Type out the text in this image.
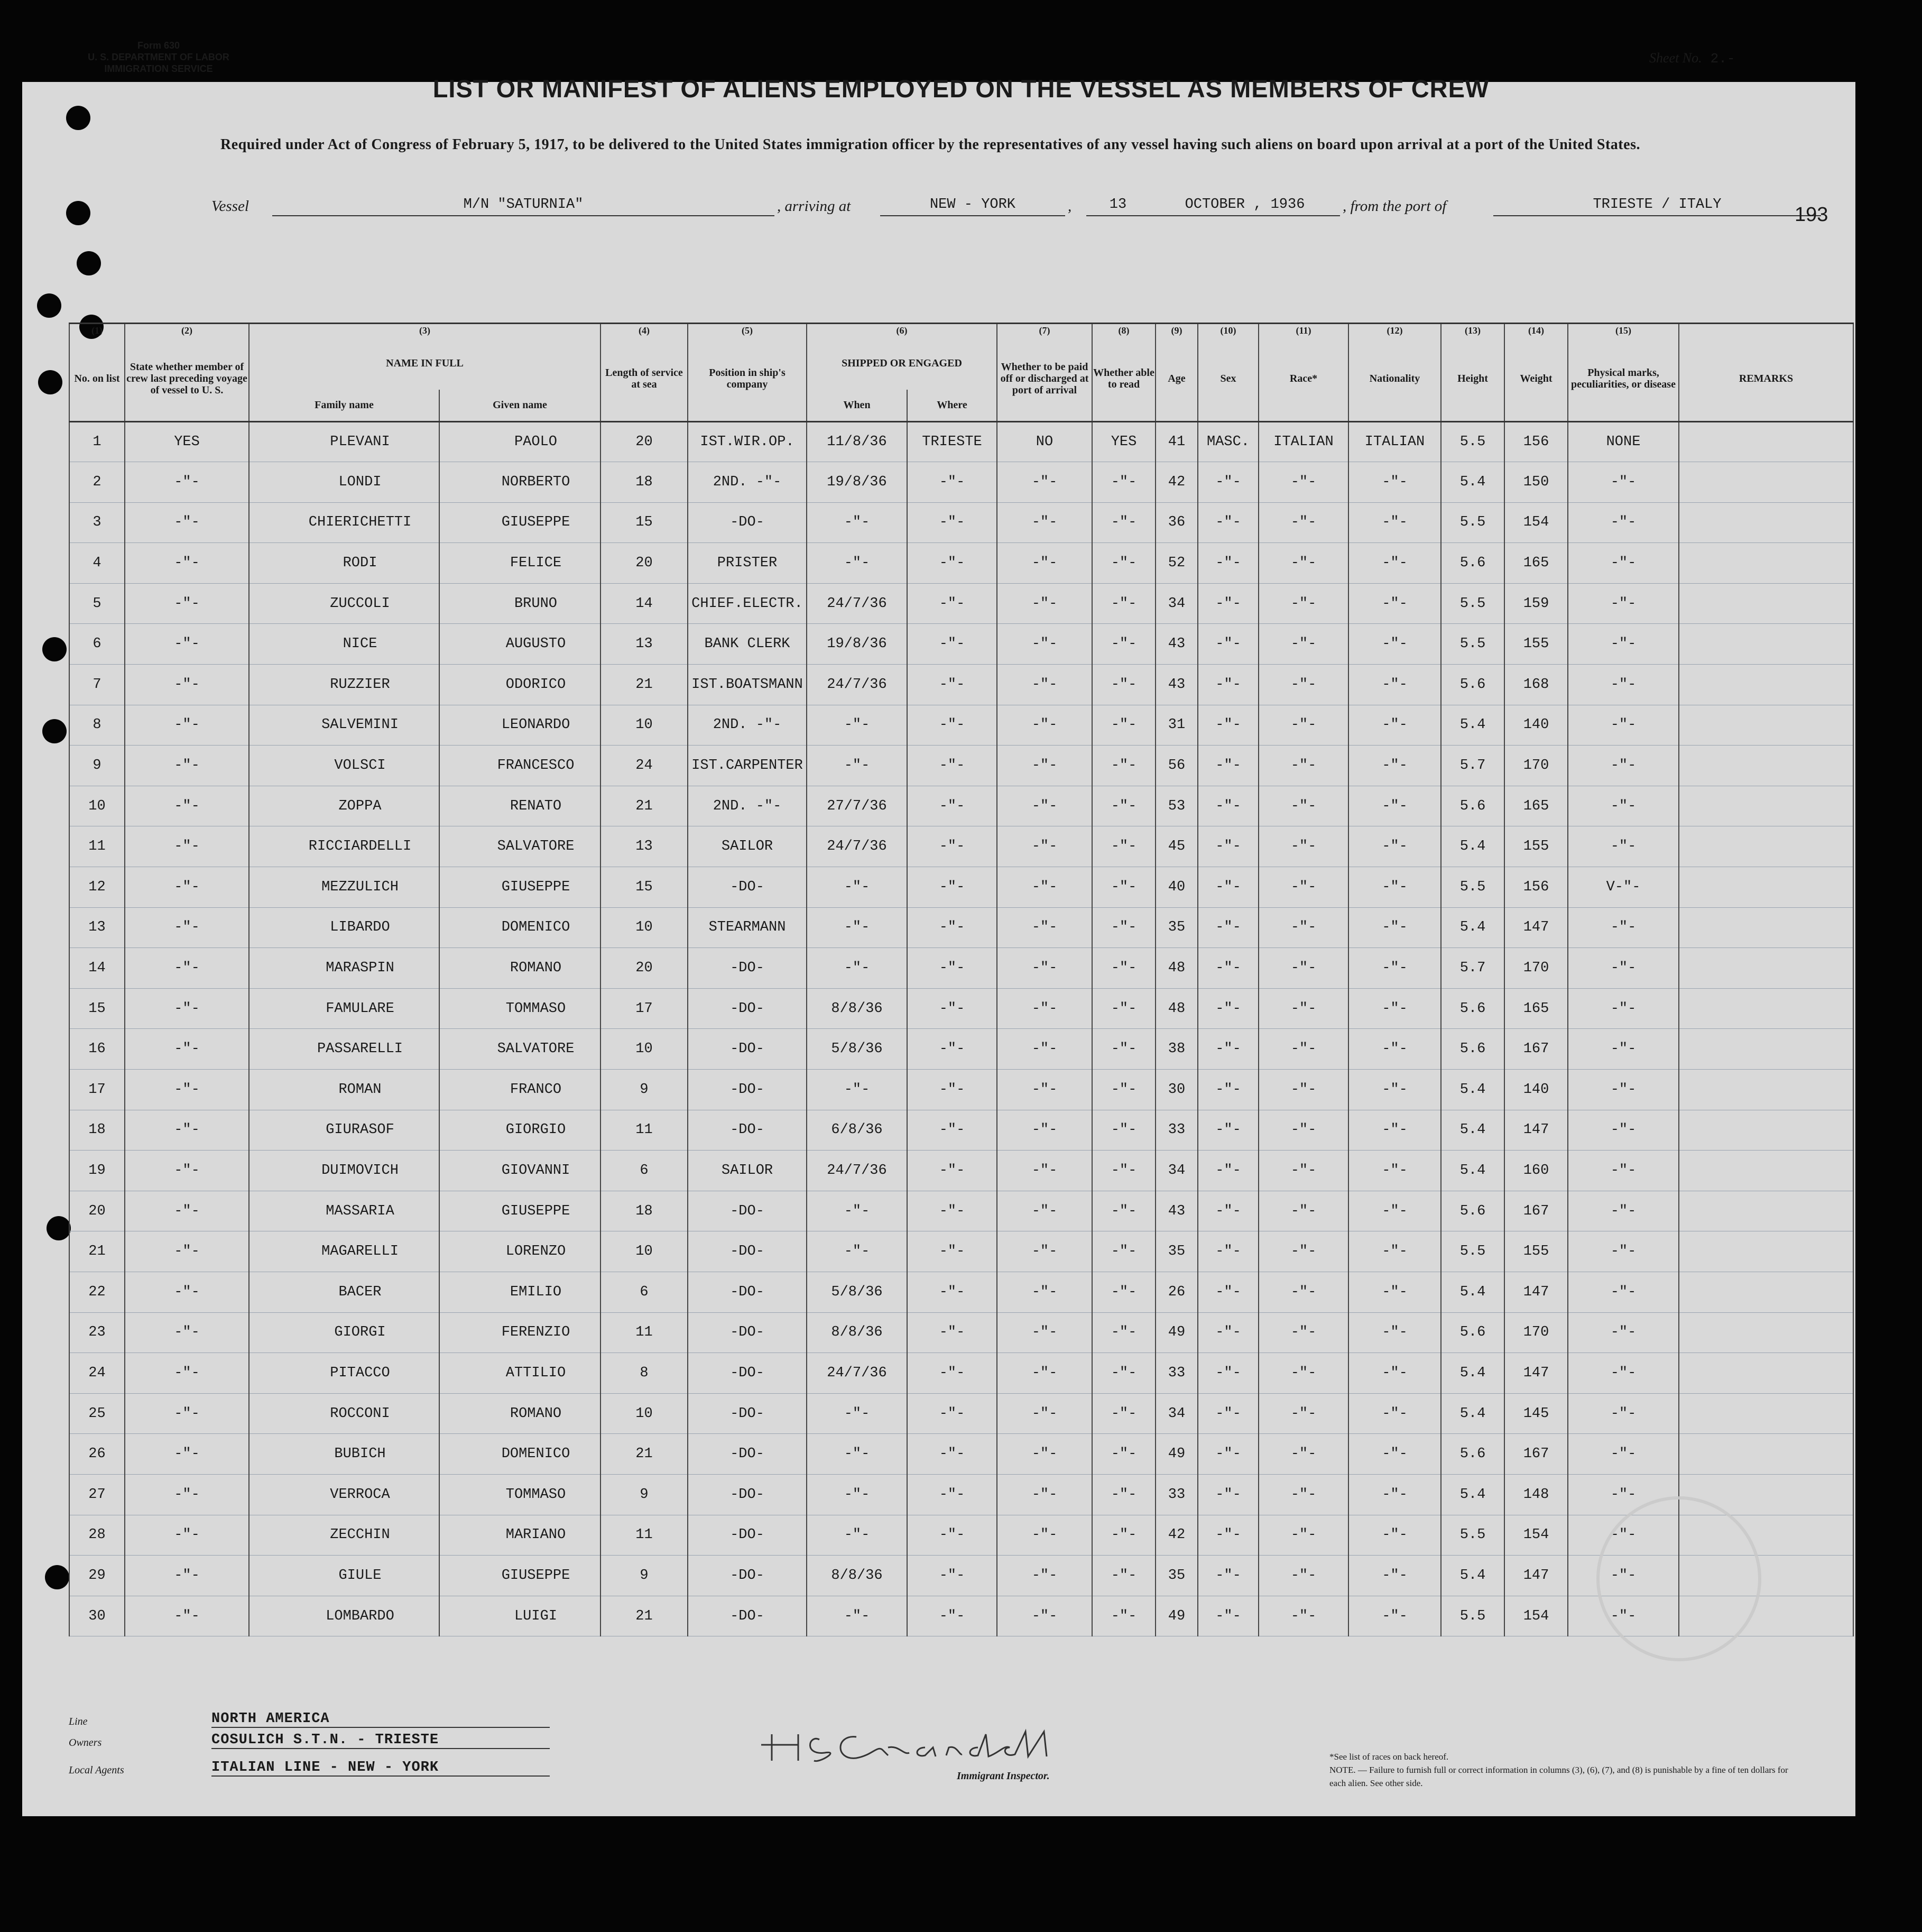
Form 630
U. S. DEPARTMENT OF LABOR
IMMIGRATION SERVICE
Sheet No. 2.-
LIST OR MANIFEST OF ALIENS EMPLOYED ON THE VESSEL AS MEMBERS OF CREW
Required under Act of Congress of February 5, 1917, to be delivered to the United States immigration officer by the representatives of any vessel having such aliens on board upon arrival at a port of the United States.
Vessel	M/N "SATURNIA"	, arriving at	NEW - YORK	,	13	OCTOBER , 1936	, from the port of	TRIESTE / ITALY	193
(1)	(2)	(3)		(4)	(5)	(6)		(7)	(8)	(9)	(10)	(11)	(12)	(13)	(14)	(15)	
No. on list	State whether member of crew last preceding voyage of vessel to U. S.	NAME IN FULL		Length of service at sea	Position in ship's company	SHIPPED OR ENGAGED		Whether to be paid off or discharged at port of arrival	Whether able to read	Age	Sex	Race*	Nationality	Height	Weight	Physical marks, peculiarities, or disease	REMARKS
		Family name	Given name			When	Where										
1	YES	PLEVANI	PAOLO	20	IST.WIR.OP.	11/8/36	TRIESTE	NO	YES	41	MASC.	ITALIAN	ITALIAN	5.5	156	NONE	
2	-"-	LONDI	NORBERTO	18	2ND. -"-	19/8/36	-"-	-"-	-"-	42	-"-	-"-	-"-	5.4	150	-"-	
3	-"-	CHIERICHETTI	GIUSEPPE	15	-DO-	-"-	-"-	-"-	-"-	36	-"-	-"-	-"-	5.5	154	-"-	
4	-"-	RODI	FELICE	20	PRISTER	-"-	-"-	-"-	-"-	52	-"-	-"-	-"-	5.6	165	-"-	
5	-"-	ZUCCOLI	BRUNO	14	CHIEF.ELECTR.	24/7/36	-"-	-"-	-"-	34	-"-	-"-	-"-	5.5	159	-"-	
6	-"-	NICE	AUGUSTO	13	BANK CLERK	19/8/36	-"-	-"-	-"-	43	-"-	-"-	-"-	5.5	155	-"-	
7	-"-	RUZZIER	ODORICO	21	IST.BOATSMANN	24/7/36	-"-	-"-	-"-	43	-"-	-"-	-"-	5.6	168	-"-	
8	-"-	SALVEMINI	LEONARDO	10	2ND. -"-	-"-	-"-	-"-	-"-	31	-"-	-"-	-"-	5.4	140	-"-	
9	-"-	VOLSCI	FRANCESCO	24	IST.CARPENTER	-"-	-"-	-"-	-"-	56	-"-	-"-	-"-	5.7	170	-"-	
10	-"-	ZOPPA	RENATO	21	2ND. -"-	27/7/36	-"-	-"-	-"-	53	-"-	-"-	-"-	5.6	165	-"-	
11	-"-	RICCIARDELLI	SALVATORE	13	SAILOR	24/7/36	-"-	-"-	-"-	45	-"-	-"-	-"-	5.4	155	-"-	
12	-"-	MEZZULICH	GIUSEPPE	15	-DO-	-"-	-"-	-"-	-"-	40	-"-	-"-	-"-	5.5	156	V-"-	
13	-"-	LIBARDO	DOMENICO	10	STEARMANN	-"-	-"-	-"-	-"-	35	-"-	-"-	-"-	5.4	147	-"-	
14	-"-	MARASPIN	ROMANO	20	-DO-	-"-	-"-	-"-	-"-	48	-"-	-"-	-"-	5.7	170	-"-	
15	-"-	FAMULARE	TOMMASO	17	-DO-	8/8/36	-"-	-"-	-"-	48	-"-	-"-	-"-	5.6	165	-"-	
16	-"-	PASSARELLI	SALVATORE	10	-DO-	5/8/36	-"-	-"-	-"-	38	-"-	-"-	-"-	5.6	167	-"-	
17	-"-	ROMAN	FRANCO	9	-DO-	-"-	-"-	-"-	-"-	30	-"-	-"-	-"-	5.4	140	-"-	
18	-"-	GIURASOF	GIORGIO	11	-DO-	6/8/36	-"-	-"-	-"-	33	-"-	-"-	-"-	5.4	147	-"-	
19	-"-	DUIMOVICH	GIOVANNI	6	SAILOR	24/7/36	-"-	-"-	-"-	34	-"-	-"-	-"-	5.4	160	-"-	
20	-"-	MASSARIA	GIUSEPPE	18	-DO-	-"-	-"-	-"-	-"-	43	-"-	-"-	-"-	5.6	167	-"-	
21	-"-	MAGARELLI	LORENZO	10	-DO-	-"-	-"-	-"-	-"-	35	-"-	-"-	-"-	5.5	155	-"-	
22	-"-	BACER	EMILIO	6	-DO-	5/8/36	-"-	-"-	-"-	26	-"-	-"-	-"-	5.4	147	-"-	
23	-"-	GIORGI	FERENZIO	11	-DO-	8/8/36	-"-	-"-	-"-	49	-"-	-"-	-"-	5.6	170	-"-	
24	-"-	PITACCO	ATTILIO	8	-DO-	24/7/36	-"-	-"-	-"-	33	-"-	-"-	-"-	5.4	147	-"-	
25	-"-	ROCCONI	ROMANO	10	-DO-	-"-	-"-	-"-	-"-	34	-"-	-"-	-"-	5.4	145	-"-	
26	-"-	BUBICH	DOMENICO	21	-DO-	-"-	-"-	-"-	-"-	49	-"-	-"-	-"-	5.6	167	-"-	
27	-"-	VERROCA	TOMMASO	9	-DO-	-"-	-"-	-"-	-"-	33	-"-	-"-	-"-	5.4	148	-"-	
28	-"-	ZECCHIN	MARIANO	11	-DO-	-"-	-"-	-"-	-"-	42	-"-	-"-	-"-	5.5	154	-"-	
29	-"-	GIULE	GIUSEPPE	9	-DO-	8/8/36	-"-	-"-	-"-	35	-"-	-"-	-"-	5.4	147	-"-	
30	-"-	LOMBARDO	LUIGI	21	-DO-	-"-	-"-	-"-	-"-	49	-"-	-"-	-"-	5.5	154	-"-	
Line	NORTH AMERICA
Owners	COSULICH S.T.N. - TRIESTE
Local Agents	ITALIAN LINE - NEW - YORK
Immigrant Inspector.
*See list of races on back hereof.
NOTE. — Failure to furnish full or correct information in columns (3), (6), (7), and (8) is punishable by a fine of ten dollars for each alien. See other side.
